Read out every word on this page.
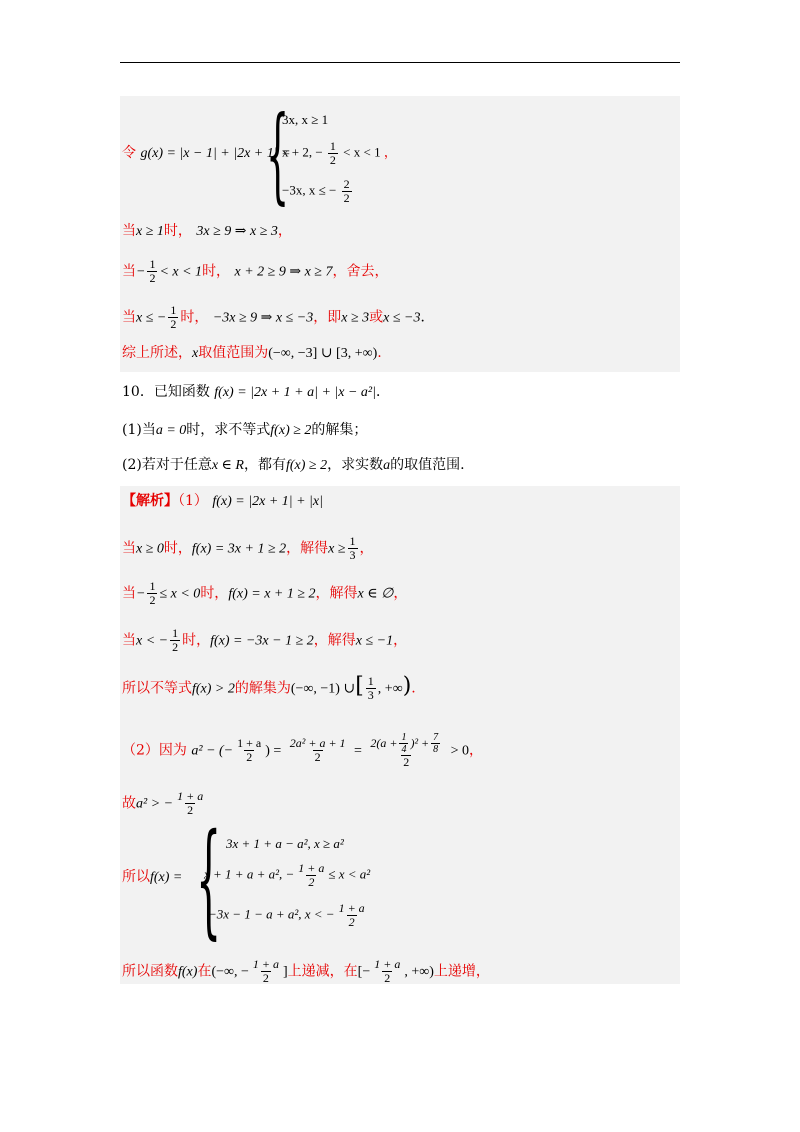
令 g(x) = |x − 1| + |2x + 1| =
{
3x, x ≥ 1
x + 2, − $\frac{1}{2} < x < 1$ ，
−3x, x ≤ − $\frac{2}{2}$
当x ≥ 1时， 3x ≥ 9 ⇒ x ≥ 3，
当− $\frac{1}{2} < x < 1$时， x + 2 ≥ 9 ⇒ x ≥ 7，舍去，
当x ≤ − $\frac{1}{2}$ 时， −3x ≥ 9 ⇒ x ≤ −3，即x ≥ 3或x ≤ −3．
综上所述，x取值范围为(−∞, −3] ∪ [3, +∞).
10．已知函数 f(x) = |2x + 1 + a| + |x − a²|．
(1)当a = 0时，求不等式f(x) ≥ 2的解集；
(2)若对于任意x ∈ R，都有f(x) ≥ 2，求实数a的取值范围.
【解析】（1） f(x) = |2x + 1| + |x|
当x ≥ 0时，f(x) = 3x + 1 ≥ 2，解得$x \ge \frac{1}{3}$ ，
当− $\frac{1}{2} \le x < 0$时，f(x) = x + 1 ≥ 2，解得x ∈ ∅，
当x < − $\frac{1}{2}$ 时，f(x) = −3x − 1 ≥ 2，解得x ≤ −1，
所以不等式f(x) > 2的解集为(−∞, −1) ∪[ $\frac{1}{3}$ , +∞).
（2）因为 a² − (− $\frac{1 + a}{2}$ ) = $\frac{\text{2a² + a + 1}}{2} = \frac{2(a + \frac{1}{4} )^2 + \frac{7}{8}}{2} > 0$，
故a² > − $\frac{1 + a}{2}$
所以f(x) = { 3x + 1 + a − a², x ≥ a²
x + 1 + a + a², − $\frac{1 + a}{2} \le x < a^2$
−3x − 1 − a + a², x < − $\frac{1 + a}{2}$
所以函数f(x)在(−∞, − $\frac{1 + a}{2}$ ]上递减，在[− $\frac{1 + a}{2}$ , +∞)上递增，
